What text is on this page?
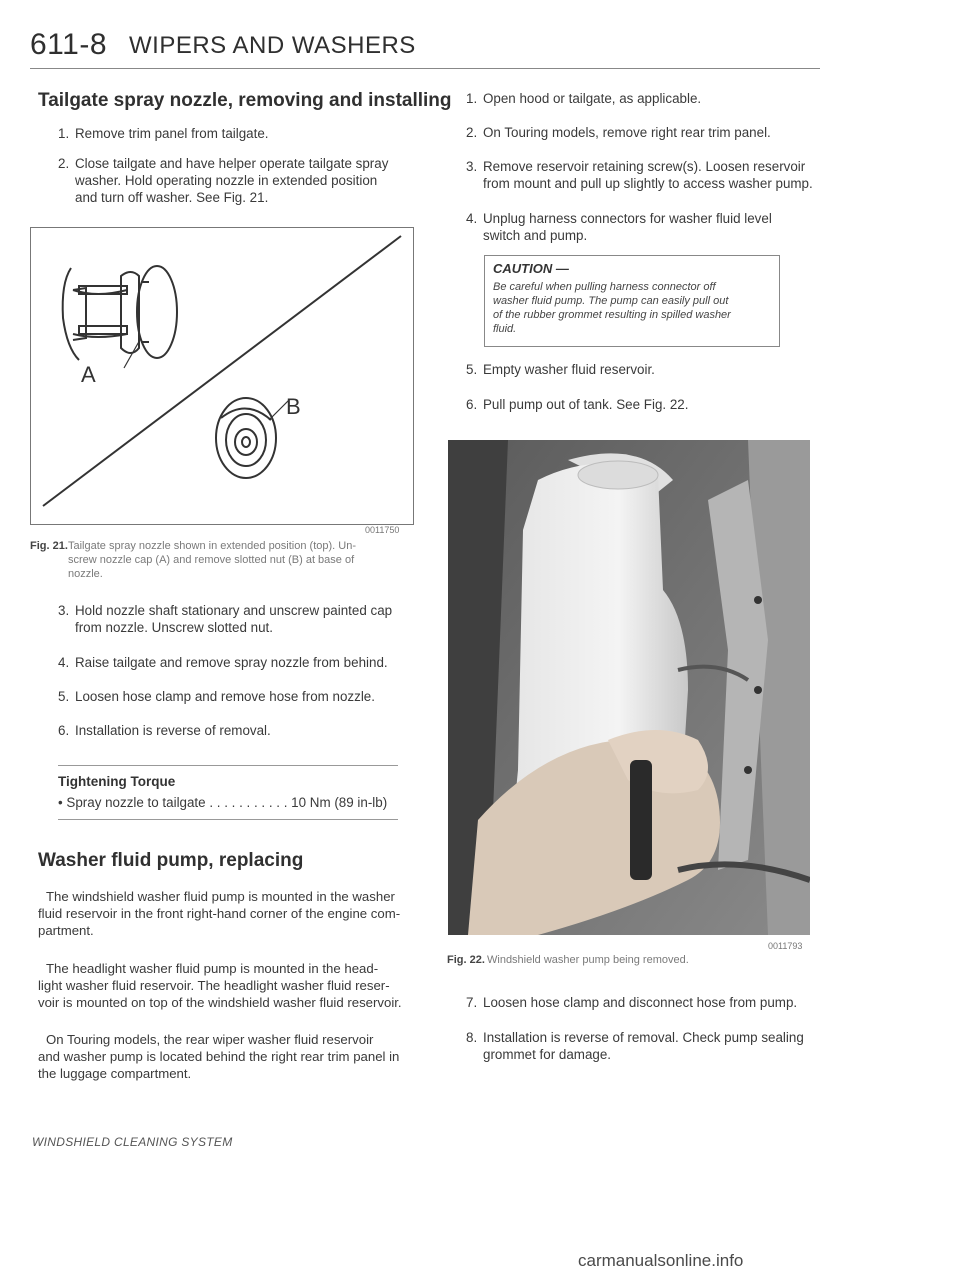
611-8 WIPERS AND WASHERS
Tailgate spray nozzle, removing and installing
1. Remove trim panel from tailgate.
2. Close tailgate and have helper operate tailgate spray
washer. Hold operating nozzle in extended position
and turn off washer. See Fig. 21.
A
B
0011750
Fig. 21. Tailgate spray nozzle shown in extended position (top). Un-
screw nozzle cap (A) and remove slotted nut (B) at base of
nozzle.
3. Hold nozzle shaft stationary and unscrew painted cap
from nozzle. Unscrew slotted nut.
4. Raise tailgate and remove spray nozzle from behind.
5. Loosen hose clamp and remove hose from nozzle.
6. Installation is reverse of removal.
Tightening Torque
• Spray nozzle to tailgate . . . . . . . . . . . 10 Nm (89 in-lb)
Washer fluid pump, replacing
The windshield washer fluid pump is mounted in the washer
fluid reservoir in the front right-hand corner of the engine com-
partment.
The headlight washer fluid pump is mounted in the head-
light washer fluid reservoir. The headlight washer fluid reser-
voir is mounted on top of the windshield washer fluid reservoir.
On Touring models, the rear wiper washer fluid reservoir
and washer pump is located behind the right rear trim panel in
the luggage compartment.
1. Open hood or tailgate, as applicable.
2. On Touring models, remove right rear trim panel.
3. Remove reservoir retaining screw(s). Loosen reservoir
from mount and pull up slightly to access washer pump.
4. Unplug harness connectors for washer fluid level
switch and pump.
CAUTION —
Be careful when pulling harness connector off
washer fluid pump. The pump can easily pull out
of the rubber grommet resulting in spilled washer
fluid.
5. Empty washer fluid reservoir.
6. Pull pump out of tank. See Fig. 22.
0011793
Fig. 22. Windshield washer pump being removed.
7. Loosen hose clamp and disconnect hose from pump.
8. Installation is reverse of removal. Check pump sealing
grommet for damage.
WINDSHIELD CLEANING SYSTEM
carmanualsonline.info
